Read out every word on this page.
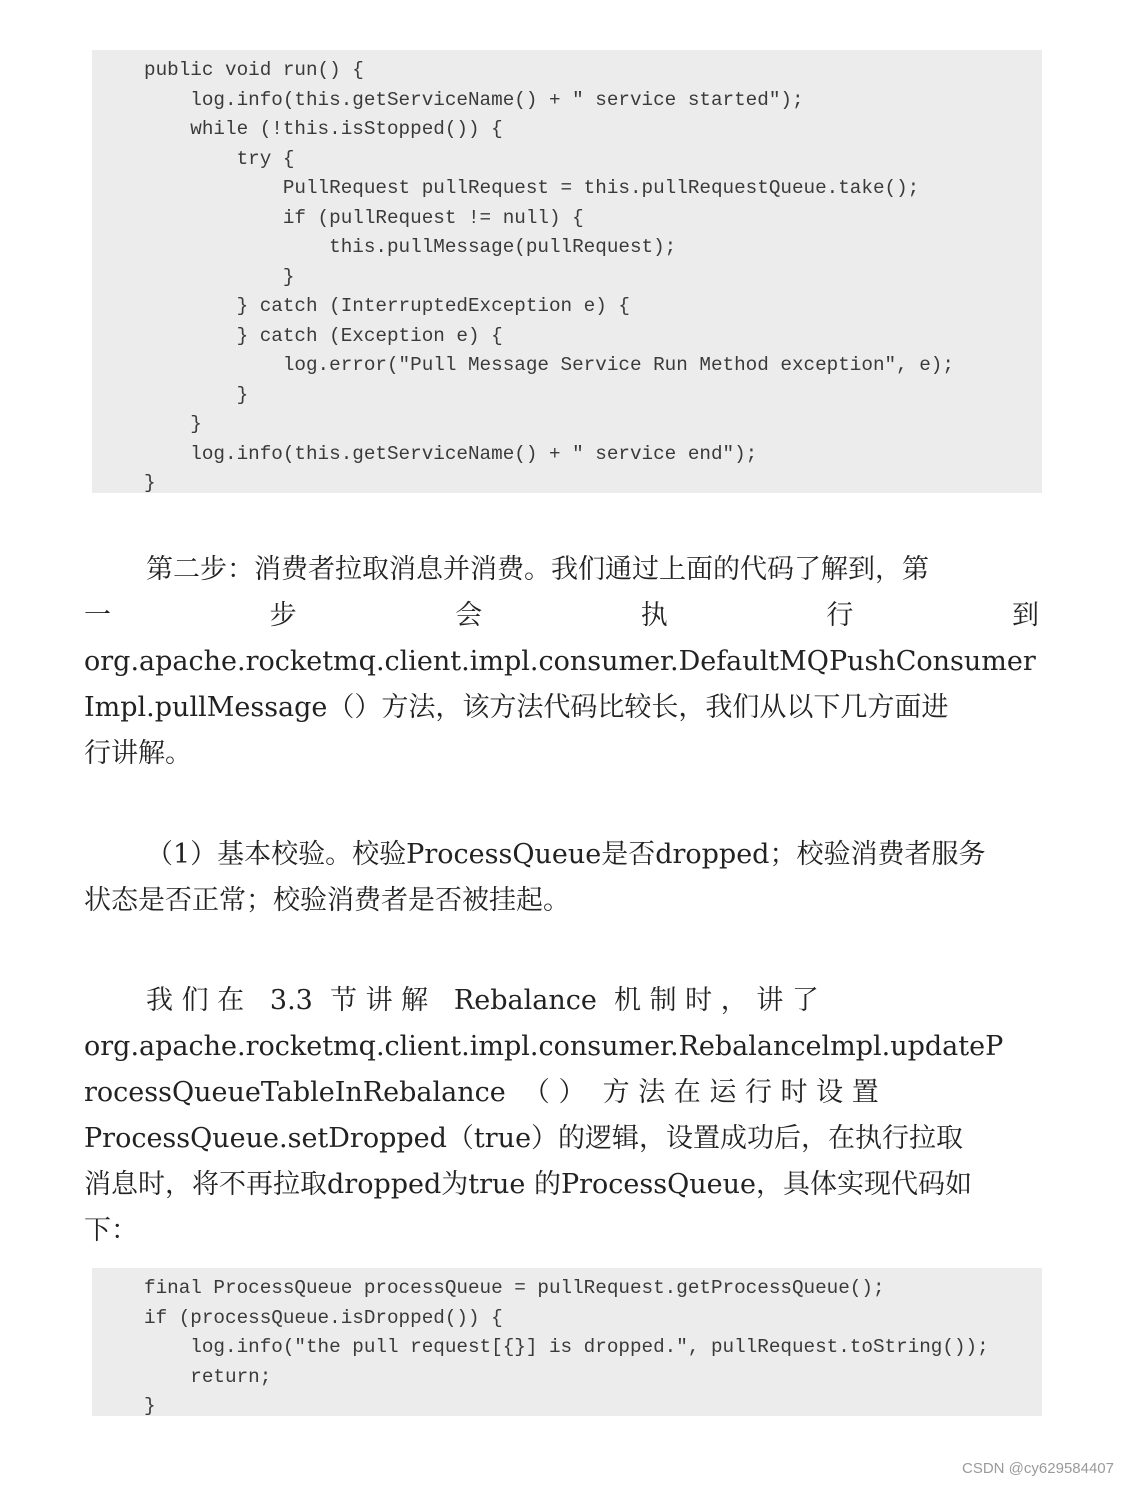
public void run() {
log.info(this.getServiceName() + " service started");
while (!this.isStopped()) {
try {
PullRequest pullRequest = this.pullRequestQueue.take();
if (pullRequest != null) {
this.pullMessage(pullRequest);
}
} catch (InterruptedException e) {
} catch (Exception e) {
log.error("Pull Message Service Run Method exception", e);
}
}
log.info(this.getServiceName() + " service end");
}
第二步：消费者拉取消息并消费。我们通过上面的代码了解到，第
一	步	会	执	行	到
org.apache.rocketmq.client.impl.consumer.DefaultMQPushConsumer
Impl.pullMessage（）方法，该方法代码比较长，我们从以下几方面进
行讲解。
（1）基本校验。校验ProcessQueue是否dropped；校验消费者服务
状态是否正常；校验消费者是否被挂起。
我 们 在   3.3  节 讲 解   Rebalance  机 制 时 ， 讲 了
org.apache.rocketmq.client.impl.consumer.Rebalancelmpl.updateP
rocessQueueTableInRebalance  （ ）  方 法 在 运 行 时 设 置
ProcessQueue.setDropped（true）的逻辑，设置成功后，在执行拉取
消息时，将不再拉取dropped为true 的ProcessQueue，具体实现代码如
下：
final ProcessQueue processQueue = pullRequest.getProcessQueue();
if (processQueue.isDropped()) {
log.info("the pull request[{}] is dropped.", pullRequest.toString());
return;
}
CSDN @cy629584407
